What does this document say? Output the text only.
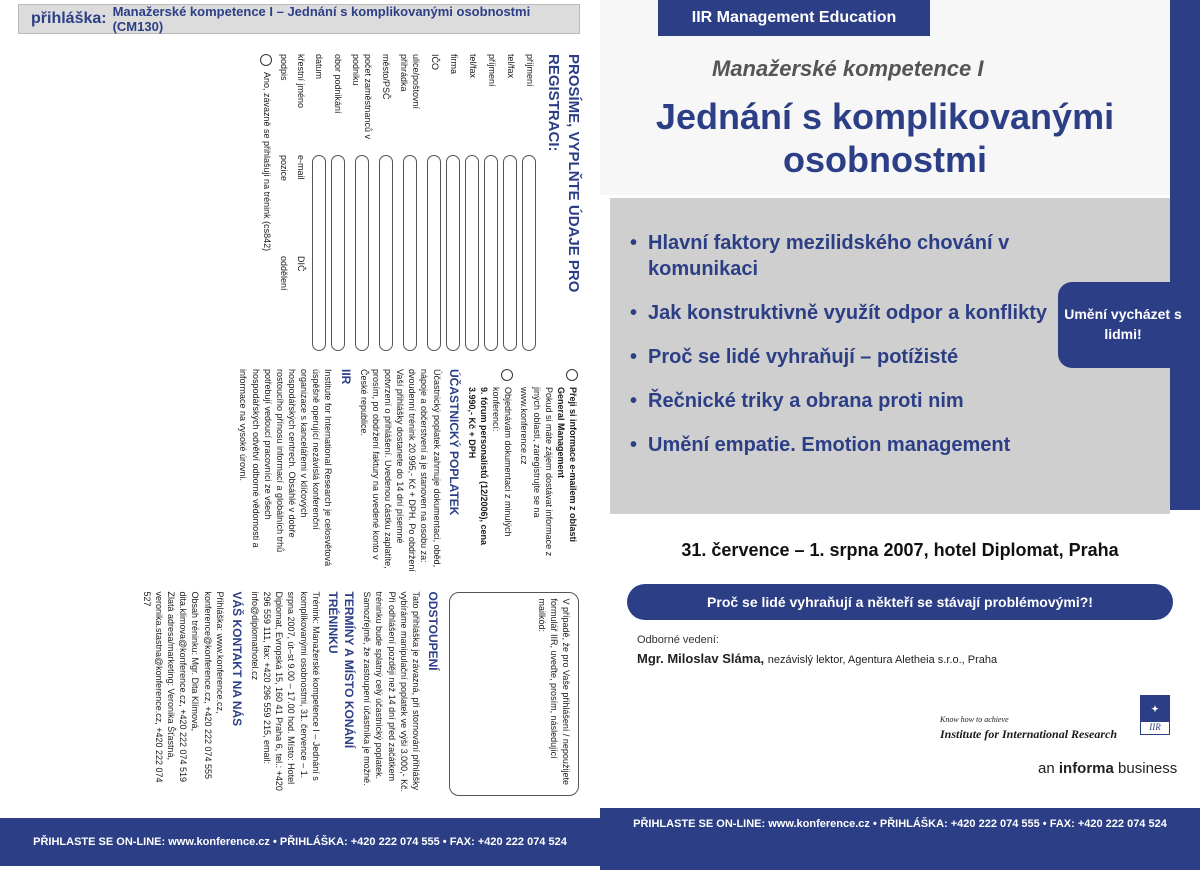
přihláška: Manažerské kompetence I – Jednání s komplikovanými osobnostmi (CM130)
PROSÍME, VYPLŇTE ÚDAJE PRO REGISTRACI:
příjmení
tel/fax
příjmení
tel/fax
firma
IČO
ulice/poštovní přihrádka
město/PSČ
počet zaměstnanců v podniku
obor podnikání
datum
křestní jméno
e-mail
DIČ
podpis
pozice
oddělení
Ano, závazně se přihlašuji na trénink (cs842)
Přeji si informace e-mailem z oblasti General Management
Pokud si máte zájem dostávat informace z jiných oblastí, zaregistrujte se na www.konference.cz
Objednávám dokumentaci z minulých konferencí:
9. fórum personalistů (12/2006), cena 3.990,- Kč + DPH
ÚČASTNICKÝ POPLATEK

Účastnický poplatek zahrnuje dokumentaci, oběd, nápoje a občerstvení a je stanoven na osobu za: dvoudenní trénink 20.995,- Kč + DPH. Po obdržení Vaší přihlášky dostanete do 14 dní písemné potvrzení o přihlášení. Uvedenou částku zaplatíte, prosím, po obdržení faktury na uvedené konto v České republice.

IIR

Institute for International Research je celosvětová úspěšně operující nezávislá konferenční organizace s kancelářemi v klíčových hospodářských centrech. Obsáhlé v dobře rostoucího přínosu informací a globálních trhů potřebují vedoucí pracovníci ze všech hospodářských odvětví odborné vědomosti a informace na vysoké úrovni.

V případě, že pro Vaše přihlášení / nepoužijete formulář IIR, uveďte, prosím, následující mailkód:
ODSTOUPENÍ

Tato přihláška je závazná, při stornování přihlášky vybíráme manipulační poplatek ve výši 3.000,- Kč. Při odhlášení později než 14 dní před začátkem tréninku bude splatný celý účastnický poplatek. Samozřejmě, že zastoupení účastníka je možné.

TERMÍNY A MÍSTO KONÁNÍ TRÉNINKU

Trénink: Manažerské kompetence I – Jednání s komplikovanými osobnostmi, 31. července – 1. srpna 2007, út–st 9.00 – 17.00 hod. Místo: Hotel Diplomat, Evropská 15, 160 41 Praha 6, tel.: +420 296 559 111, fax: +420 296 559 215, email: info@diplomathotel.cz

VÁŠ KONTAKT NA NÁS

Přihláška: www.konference.cz, konference@konference.cz, +420 222 074 555

Obsah tréninku: Mgr. Dita Klímová, dita.klimova@konference.cz, +420 222 074 519

Zlatá adresa/marketing: Veronika Šťastná, veronika.stastna@konference.cz, +420 222 074 527

PŘIHLASTE SE ON-LINE: www.konference.cz • PŘIHLÁŠKA: +420 222 074 555 • FAX: +420 222 074 524
IIR Management Education
Manažerské kompetence I
Jednání s komplikovanými
osobnostmi
• Hlavní faktory mezilidského chování v komunikaci
• Jak konstruktivně využít odpor a konflikty
• Proč se lidé vyhraňují – potížisté
• Řečnické triky a obrana proti nim
• Umění empatie. Emotion management
Umění vycházet s lidmi!
31. července – 1. srpna 2007, hotel Diplomat, Praha
Proč se lidé vyhraňují a někteří se stávají problémovými?!
Odborné vedení:
Mgr. Miloslav Sláma, nezávislý lektor, Agentura Aletheia s.r.o., Praha
Know how to achieve
Institute for International Research
✦
IIR
an informa business
PŘIHLASTE SE ON-LINE: www.konference.cz • PŘIHLÁŠKA: +420 222 074 555 • FAX: +420 222 074 524
